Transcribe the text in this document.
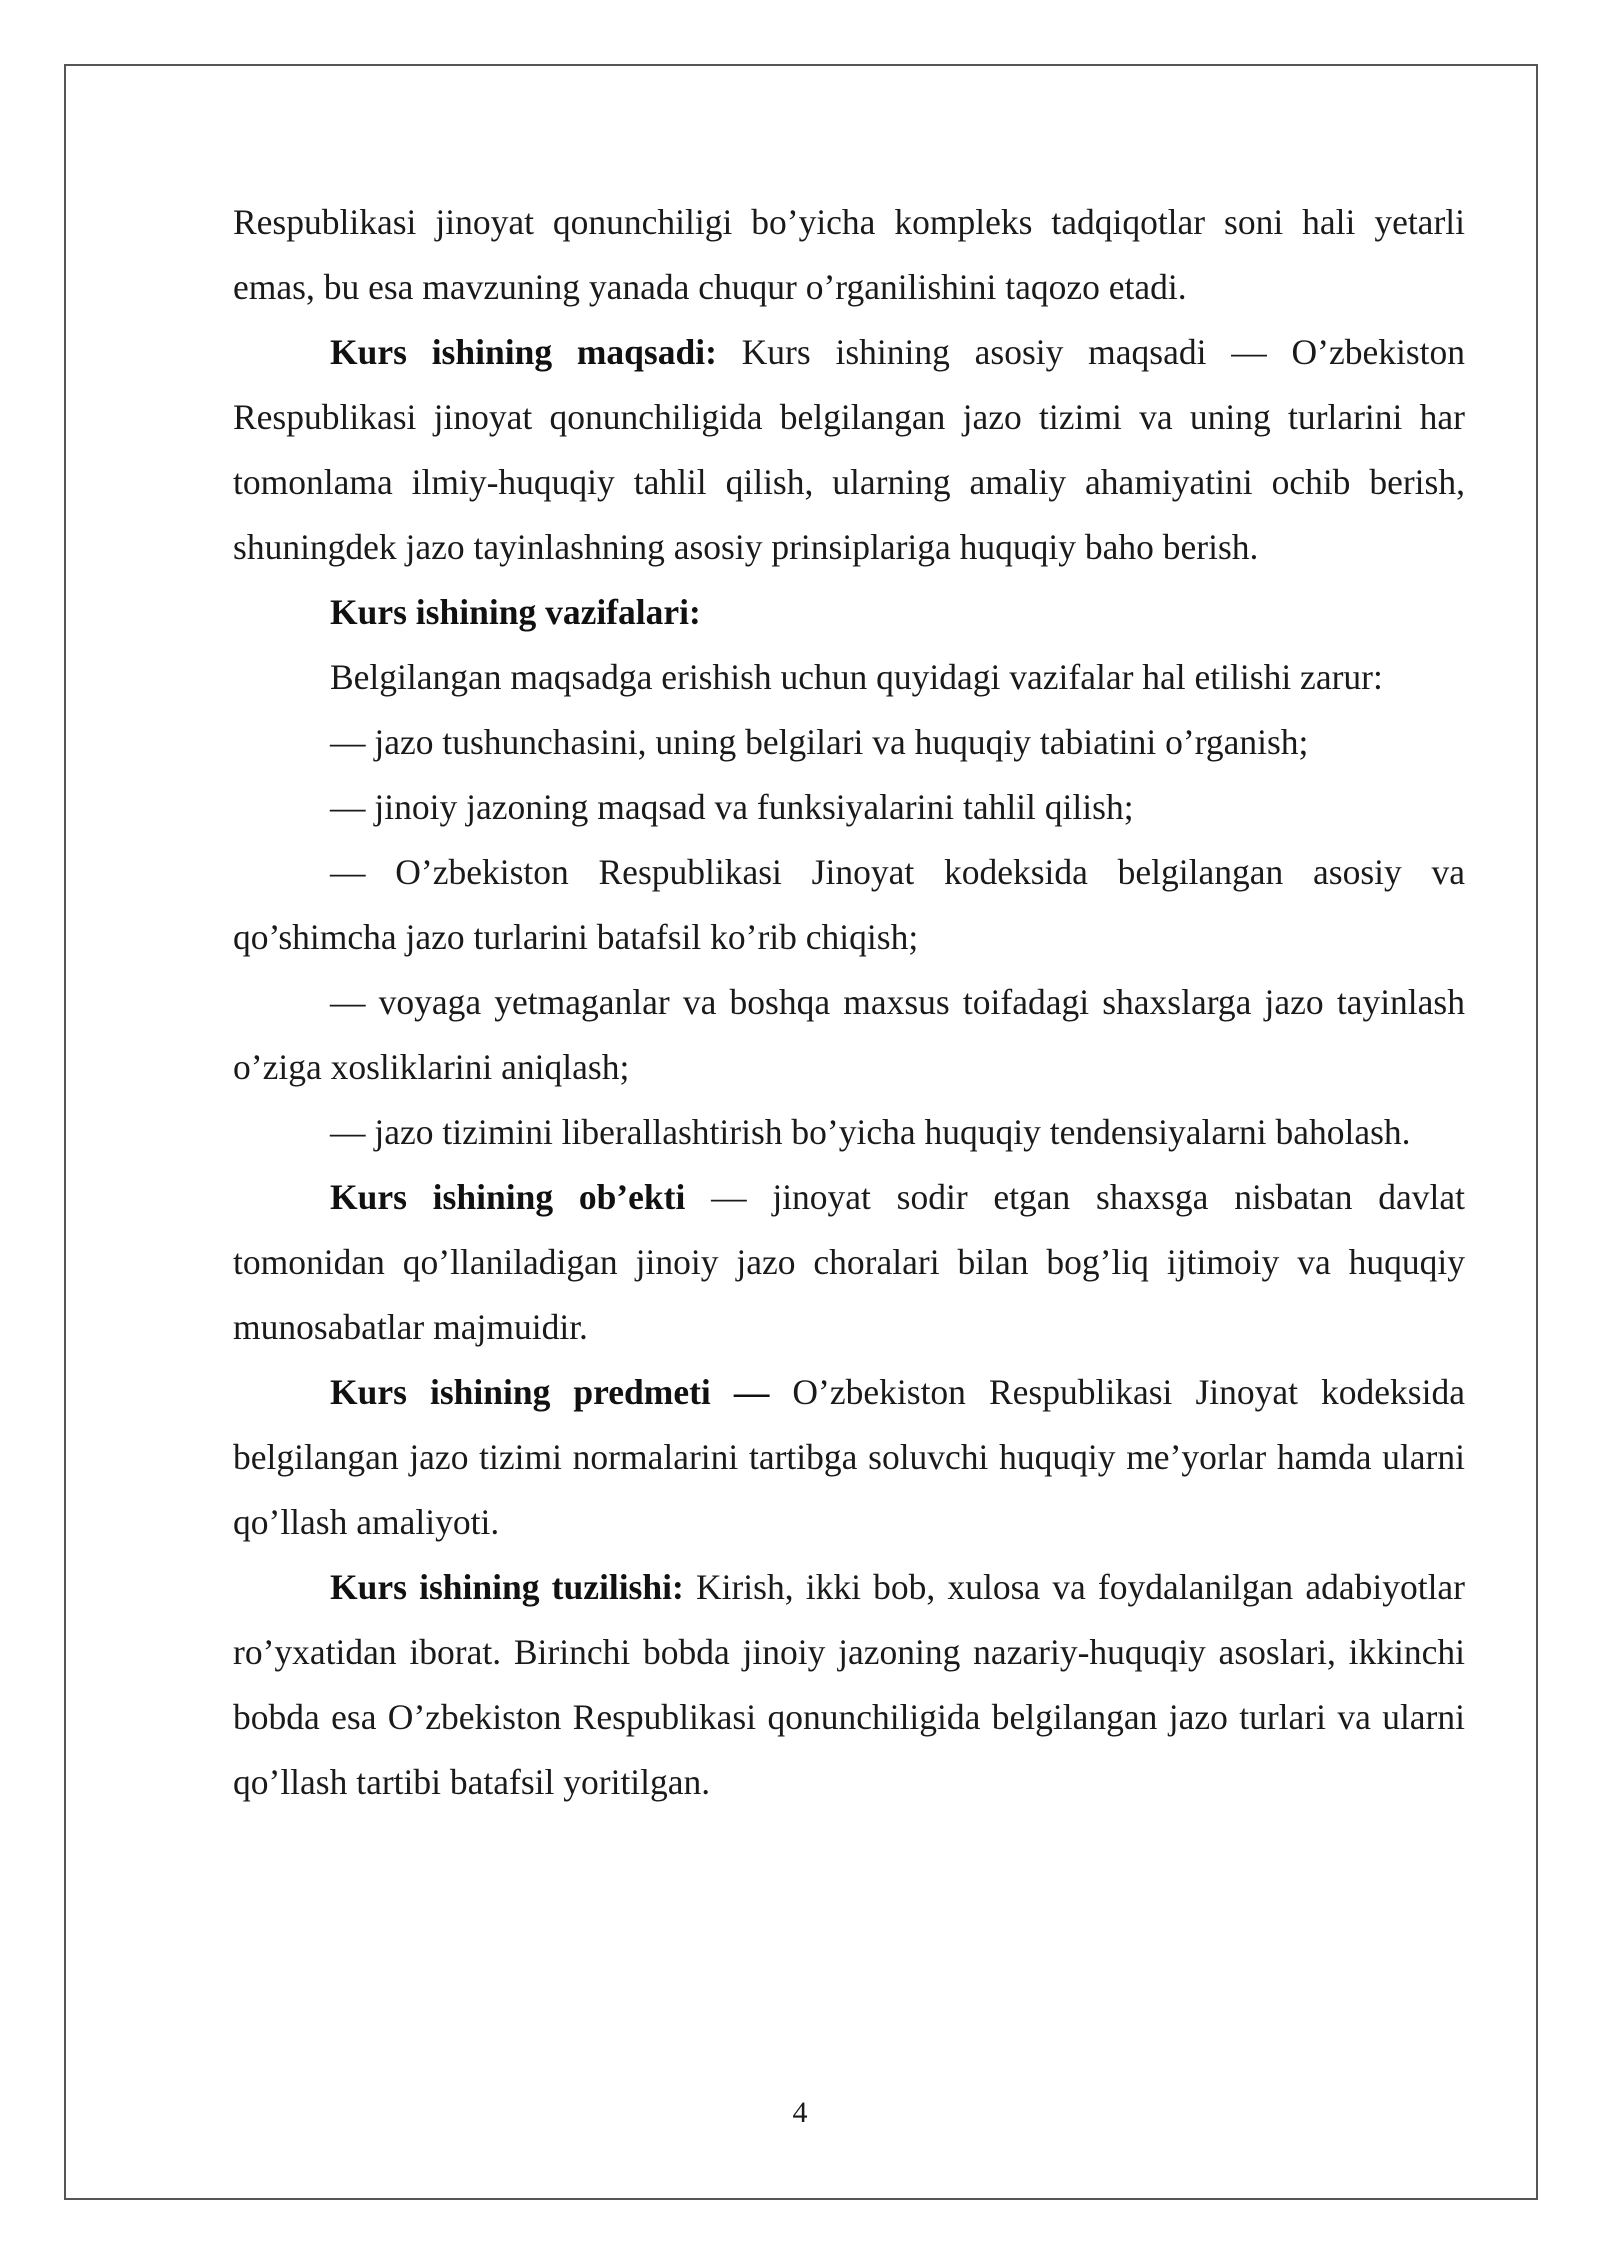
Respublikasi jinoyat qonunchiligi bo’yicha kompleks tadqiqotlar soni hali yetarli emas, bu esa mavzuning yanada chuqur o’rganilishini taqozo etadi.

Kurs ishining maqsadi: Kurs ishining asosiy maqsadi — O’zbekiston Respublikasi jinoyat qonunchiligida belgilangan jazo tizimi va uning turlarini har tomonlama ilmiy-huquqiy tahlil qilish, ularning amaliy ahamiyatini ochib berish, shuningdek jazo tayinlashning asosiy prinsiplariga huquqiy baho berish.

Kurs ishining vazifalari:

Belgilangan maqsadga erishish uchun quyidagi vazifalar hal etilishi zarur:

— jazo tushunchasini, uning belgilari va huquqiy tabiatini o’rganish;

— jinoiy jazoning maqsad va funksiyalarini tahlil qilish;

— O’zbekiston Respublikasi Jinoyat kodeksida belgilangan asosiy va qo’shimcha jazo turlarini batafsil ko’rib chiqish;

— voyaga yetmaganlar va boshqa maxsus toifadagi shaxslarga jazo tayinlash o’ziga xosliklarini aniqlash;

— jazo tizimini liberallashtirish bo’yicha huquqiy tendensiyalarni baholash.

Kurs ishining ob’ekti — jinoyat sodir etgan shaxsga nisbatan davlat tomonidan qo’llaniladigan jinoiy jazo choralari bilan bog’liq ijtimoiy va huquqiy munosabatlar majmuidir.

Kurs ishining predmeti — O’zbekiston Respublikasi Jinoyat kodeksida belgilangan jazo tizimi normalarini tartibga soluvchi huquqiy me’yorlar hamda ularni qo’llash amaliyoti.

Kurs ishining tuzilishi: Kirish, ikki bob, xulosa va foydalanilgan adabiyotlar ro’yxatidan iborat. Birinchi bobda jinoiy jazoning nazariy-huquqiy asoslari, ikkinchi bobda esa O’zbekiston Respublikasi qonunchiligida belgilangan jazo turlari va ularni qo’llash tartibi batafsil yoritilgan.

4
